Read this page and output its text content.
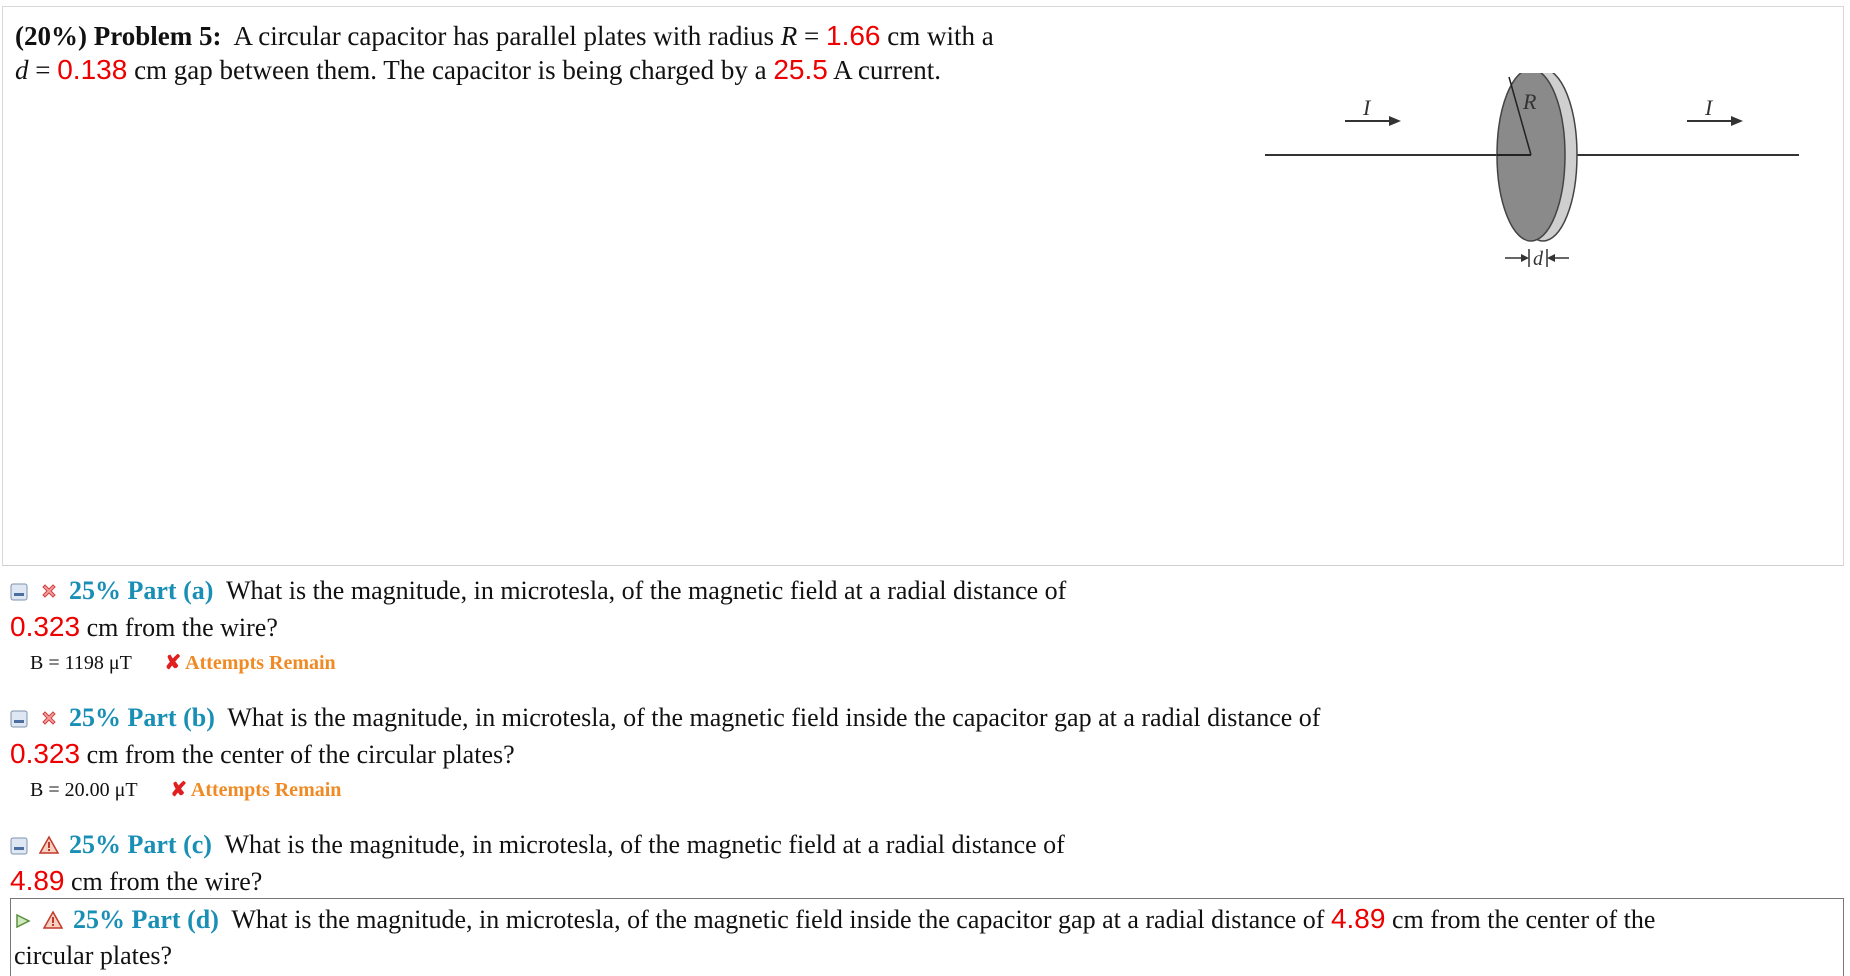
(20%) Problem 5: A circular capacitor has parallel plates with radius R = 1.66 cm with a
d = 0.138 cm gap between them. The capacitor is being charged by a 25.5 A current.
I	I
R
d
25% Part (a) What is the magnitude, in microtesla, of the magnetic field at a radial distance of
0.323 cm from the wire?
B = 1198 μT ✘ Attempts Remain
25% Part (b) What is the magnitude, in microtesla, of the magnetic field inside the capacitor gap at a radial distance of
0.323 cm from the center of the circular plates?
B = 20.00 μT ✘ Attempts Remain
25% Part (c) What is the magnitude, in microtesla, of the magnetic field at a radial distance of
4.89 cm from the wire?
25% Part (d) What is the magnitude, in microtesla, of the magnetic field inside the capacitor gap at a radial distance of 4.89 cm from the center of the
circular plates?
